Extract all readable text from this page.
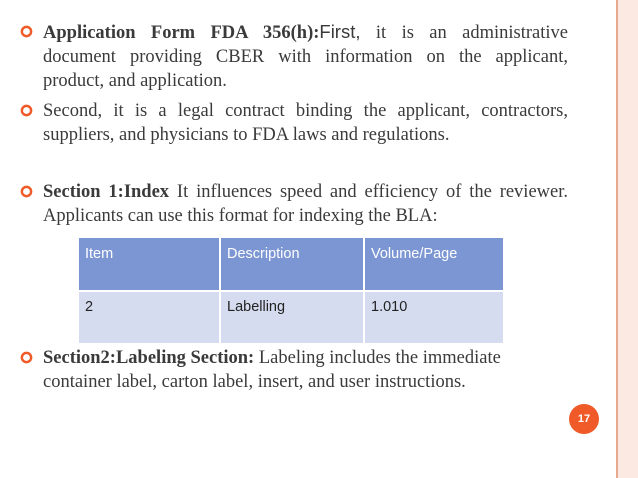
Application Form FDA 356(h):First, it is an administrative document providing CBER with information on the applicant, product, and application.
Second, it is a legal contract binding the applicant, contractors, suppliers, and physicians to FDA laws and regulations.
Section 1:Index It influences speed and efficiency of the reviewer. Applicants can use this format for indexing the BLA:
Item	Description	Volume/Page
2	Labelling	1.010
Section2:Labeling Section: Labeling includes the immediate container label, carton label, insert, and user instructions.
17
